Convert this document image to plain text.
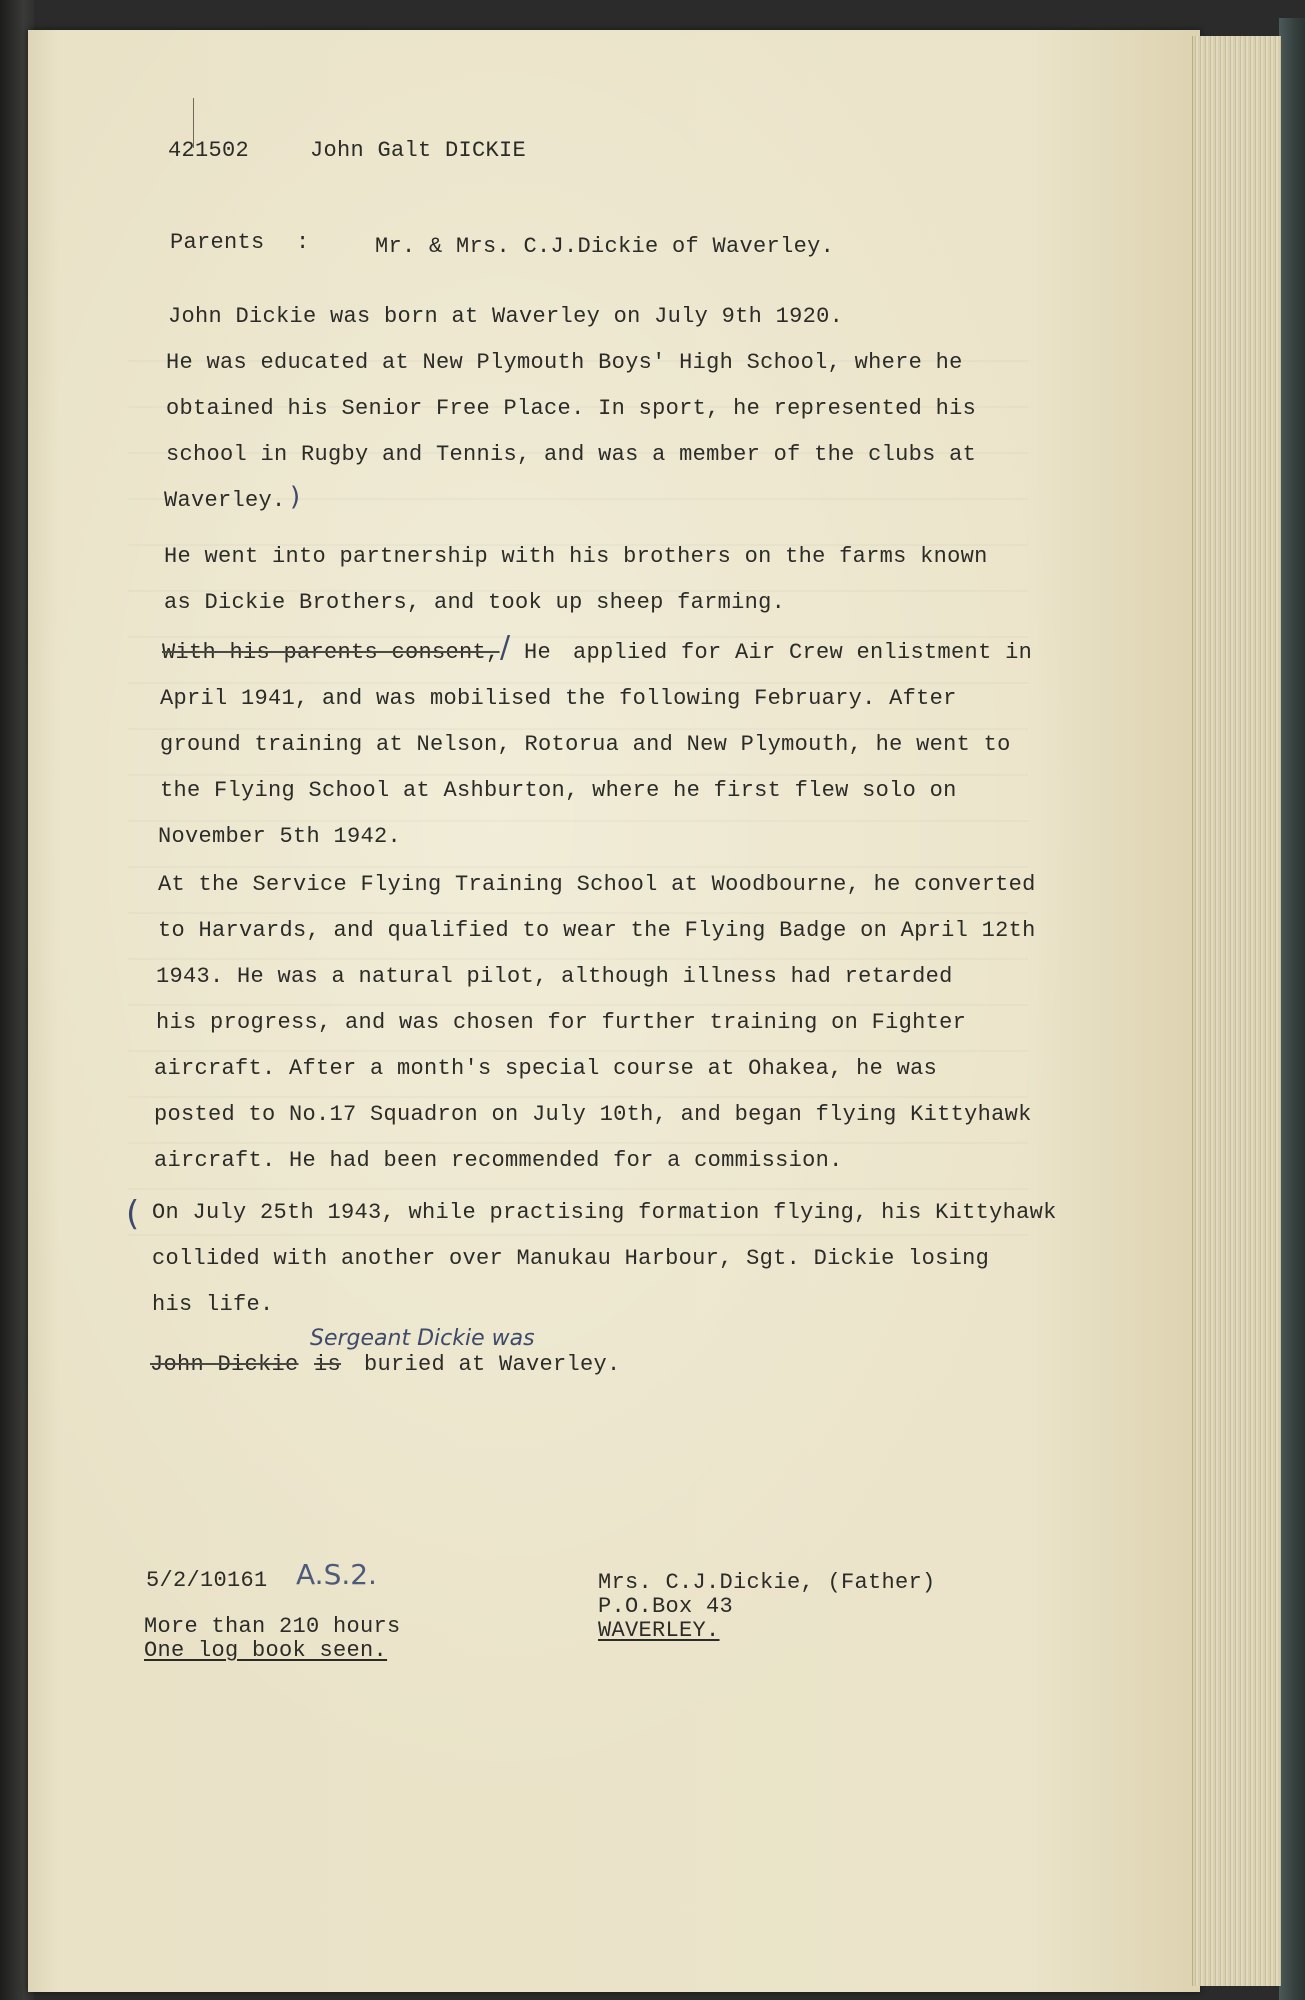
421502	John Galt DICKIE
Parents :	Mr. & Mrs. C.J.Dickie of Waverley.
John Dickie was born at Waverley on July 9th 1920.
He was educated at New Plymouth Boys' High School, where he
obtained his Senior Free Place. In sport, he represented his
school in Rugby and Tennis, and was a member of the clubs at
Waverley. )
He went into partnership with his brothers on the farms known
as Dickie Brothers, and took up sheep farming.
With his parents consent, / He applied for Air Crew enlistment in
April 1941, and was mobilised the following February. After
ground training at Nelson, Rotorua and New Plymouth, he went to
the Flying School at Ashburton, where he first flew solo on
November 5th 1942.
At the Service Flying Training School at Woodbourne, he converted
to Harvards, and qualified to wear the Flying Badge on April 12th
1943. He was a natural pilot, although illness had retarded
his progress, and was chosen for further training on Fighter
aircraft. After a month's special course at Ohakea, he was
posted to No.17 Squadron on July 10th, and began flying Kittyhawk
aircraft. He had been recommended for a commission.
( On July 25th 1943, while practising formation flying, his Kittyhawk
collided with another over Manukau Harbour, Sgt. Dickie losing
his life.
Sergeant Dickie was
John Dickie is buried at Waverley.
5/2/10161 A.S.2.
More than 210 hours
One log book seen.
Mrs. C.J.Dickie, (Father)
P.O.Box 43
WAVERLEY.
